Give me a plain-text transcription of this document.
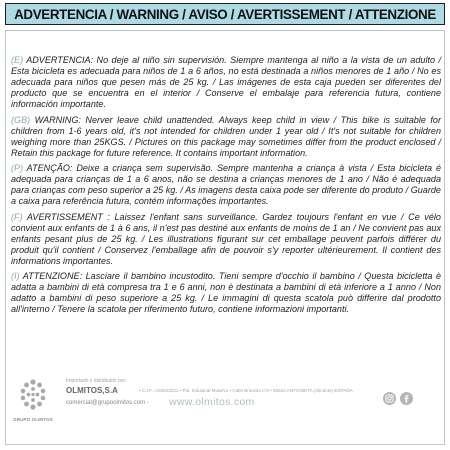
ADVERTENCIA / WARNING / AVISO / AVERTISSEMENT / ATTENZIONE

(E) ADVERTENCIA: No deje al niño sin supervisión. Siempre mantenga al niño a la vista de un adulto / Esta bicicleta es adecuada para niños de 1 a 6 años, no está destinada a niños menores de 1 año / No es adecuada para niños que pesen más de 25 kg. / Las imágenes de esta caja pueden ser diferentes del producto que se encuentra en el interior / Conserve el embalaje para referencia futura, contiene información importante.

(GB) WARNING: Nerver leave child unattended. Always keep child in view / This bike is suitable for children from 1-6 years old, it's not intended for children under 1 year old / It's not suitable for children weighing more than 25KGS. / Pictures on this package may sometimes differ from the product enclosed / Retain this package for future reference. It contains important information.

(P) ATENÇÃO: Deixe a criança sem supervisão. Sempre mantenha a criança à vista / Esta bicicleta é adequada para crianças de 1 a 6 anos, não se destina a crianças menores de 1 ano / Não é adequada para crianças com peso superior a 25 kg. / As imagens desta caixa pode ser diferente do produto / Guarde a caixa para referência futura, contém informações importantes.

(F) AVERTISSEMENT : Laissez l'enfant sans surveillance. Gardez toujours l'enfant en vue / Ce vélo convient aux enfants de 1 à 6 ans, il n'est pas destiné aux enfants de moins de 1 an / Ne convient pas aux enfants pesant plus de 25 kg. / Les illustrations figurant sur cet emballage peuvent parfois différer du produit qu'il contient / Conservez l'emballage afin de pouvoir s'y reporter ultérieurement. Il contient des informations importantes.

(I) ATTENZIONE: Lasciare il bambino incustodito. Tieni sempre d'occhio il bambino / Questa bicicletta è adatta a bambini di età compresa tra 1 e 6 anni, non è destinata a bambini di età inferiore a 1 anno / Non adatto a bambini di peso superiore a 25 kg. / Le immagini di questa scatola può differire dal prodotto all'interno / Tenere la scatola per riferimento futuro, contiene informazioni importanti.

GRUPO OLMITOS
Importado y distribuido por:
OLMITOS,S.A	• C.I.F.: A03543231 • Pol. Industrial Motarvo • Calle Bruixola nº3 • 03610 ANTONIETA (Alicante) ESPAÑA
comercial@grupoolmitos.com - www.olmitos.com
